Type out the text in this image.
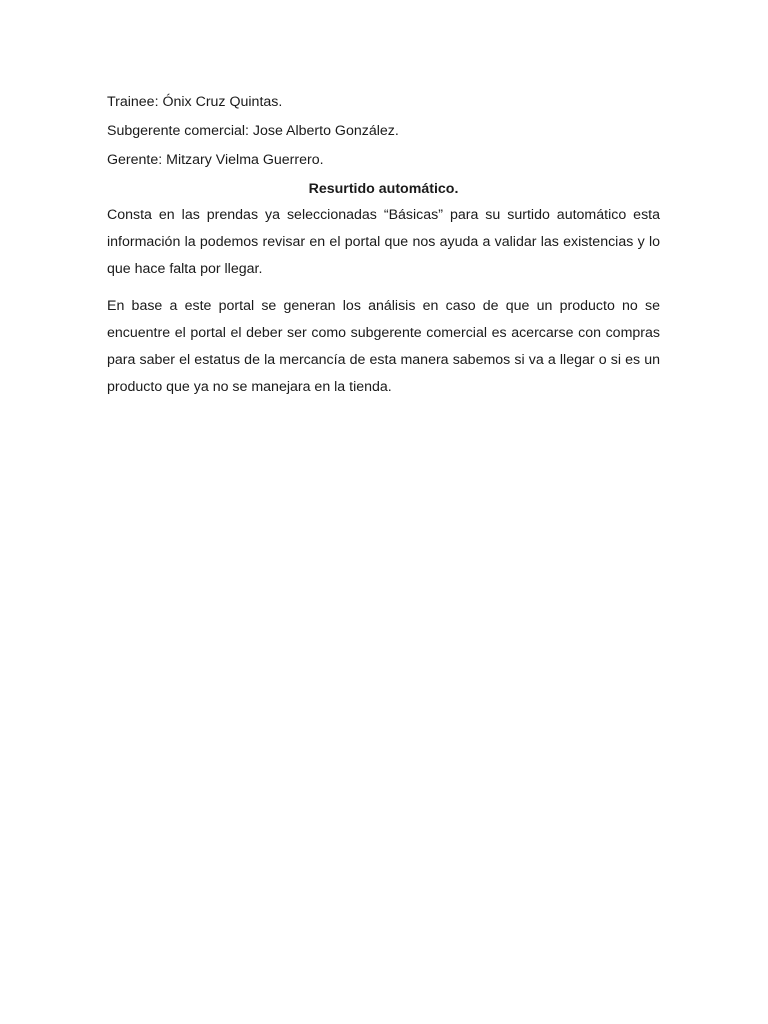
Trainee: Ónix Cruz Quintas.

Subgerente comercial: Jose Alberto González.

Gerente: Mitzary Vielma Guerrero.

Resurtido automático.

Consta en las prendas ya seleccionadas “Básicas” para su surtido automático esta información la podemos revisar en el portal que nos ayuda a validar las existencias y lo que hace falta por llegar.

En base a este portal se generan los análisis en caso de que un producto no se encuentre el portal el deber ser como subgerente comercial es acercarse con compras para saber el estatus de la mercancía de esta manera sabemos si va a llegar o si es un producto que ya no se manejara en la tienda.
